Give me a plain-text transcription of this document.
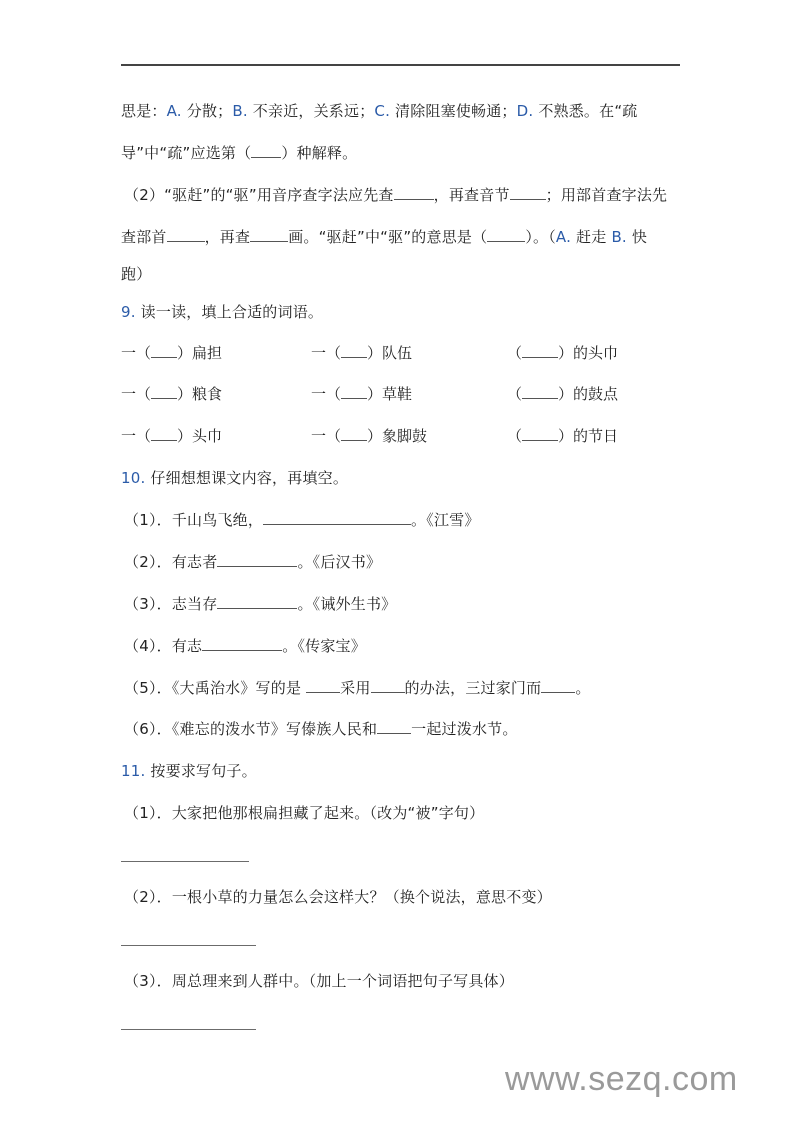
思是：A. 分散；B. 不亲近，关系远；C. 清除阻塞使畅通；D. 不熟悉。在“疏
导”中“疏”应选第（ ）种解释。
（2）“驱赶”的“驱”用音序查字法应先查	，再查音节 ；用部首查字法先
查部首	，再查	画。“驱赶”中“驱”的意思是（	）。（A. 赶走 B. 快
跑）
9. 读一读，填上合适的词语。
一（ ）扁担	一（ ）队伍	（ ）的头巾
一（ ）粮食	一（ ）草鞋	（ ）的鼓点
一（ ）头巾	一（ ）象脚鼓	（ ）的节日
10. 仔细想想课文内容，再填空。
（1）．千山鸟飞绝，	。《江雪》
（2）．有志者	。《后汉书》
（3）．志当存	。《诫外生书》
（4）．有志	。《传家宝》
（5）．《大禹治水》写的是 采用 的办法，三过家门而 。
（6）．《难忘的泼水节》写傣族人民和 一起过泼水节。
11. 按要求写句子。
（1）．大家把他那根扁担藏了起来。（改为“被”字句）
（2）．一根小草的力量怎么会这样大？（换个说法，意思不变）
（3）．周总理来到人群中。（加上一个词语把句子写具体）
www.sezq.com
